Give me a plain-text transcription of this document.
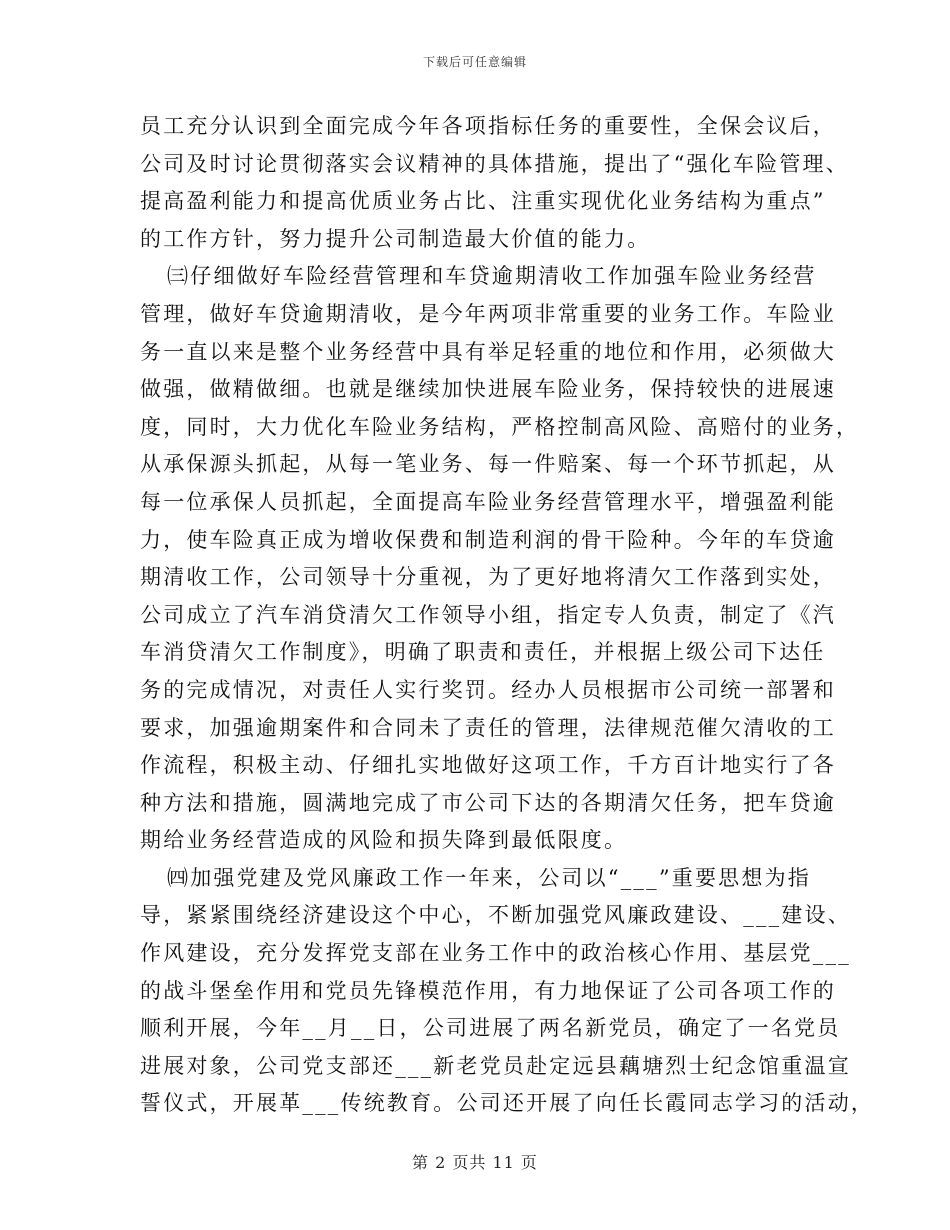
下载后可任意编辑
员工充分认识到全面完成今年各项指标任务的重要性，全保会议后，
公司及时讨论贯彻落实会议精神的具体措施，提出了“强化车险管理、
提高盈利能力和提高优质业务占比、注重实现优化业务结构为重点”
的工作方针，努力提升公司制造最大价值的能力。
㈢仔细做好车险经营管理和车贷逾期清收工作加强车险业务经营
管理，做好车贷逾期清收，是今年两项非常重要的业务工作。车险业
务一直以来是整个业务经营中具有举足轻重的地位和作用，必须做大
做强，做精做细。也就是继续加快进展车险业务，保持较快的进展速
度，同时，大力优化车险业务结构，严格控制高风险、高赔付的业务，
从承保源头抓起，从每一笔业务、每一件赔案、每一个环节抓起，从
每一位承保人员抓起，全面提高车险业务经营管理水平，增强盈利能
力，使车险真正成为增收保费和制造利润的骨干险种。今年的车贷逾
期清收工作，公司领导十分重视，为了更好地将清欠工作落到实处，
公司成立了汽车消贷清欠工作领导小组，指定专人负责，制定了《汽
车消贷清欠工作制度》，明确了职责和责任，并根据上级公司下达任
务的完成情况，对责任人实行奖罚。经办人员根据市公司统一部署和
要求，加强逾期案件和合同未了责任的管理，法律规范催欠清收的工
作流程，积极主动、仔细扎实地做好这项工作，千方百计地实行了各
种方法和措施，圆满地完成了市公司下达的各期清欠任务，把车贷逾
期给业务经营造成的风险和损失降到最低限度。
㈣加强党建及党风廉政工作一年来，公司以“___”重要思想为指
导，紧紧围绕经济建设这个中心，不断加强党风廉政建设、___建设、
作风建设，充分发挥党支部在业务工作中的政治核心作用、基层党___
的战斗堡垒作用和党员先锋模范作用，有力地保证了公司各项工作的
顺利开展，今年__月__日，公司进展了两名新党员，确定了一名党员
进展对象，公司党支部还___新老党员赴定远县藕塘烈士纪念馆重温宣
誓仪式，开展革___传统教育。公司还开展了向任长霞同志学习的活动，
第 2 页共 11 页
